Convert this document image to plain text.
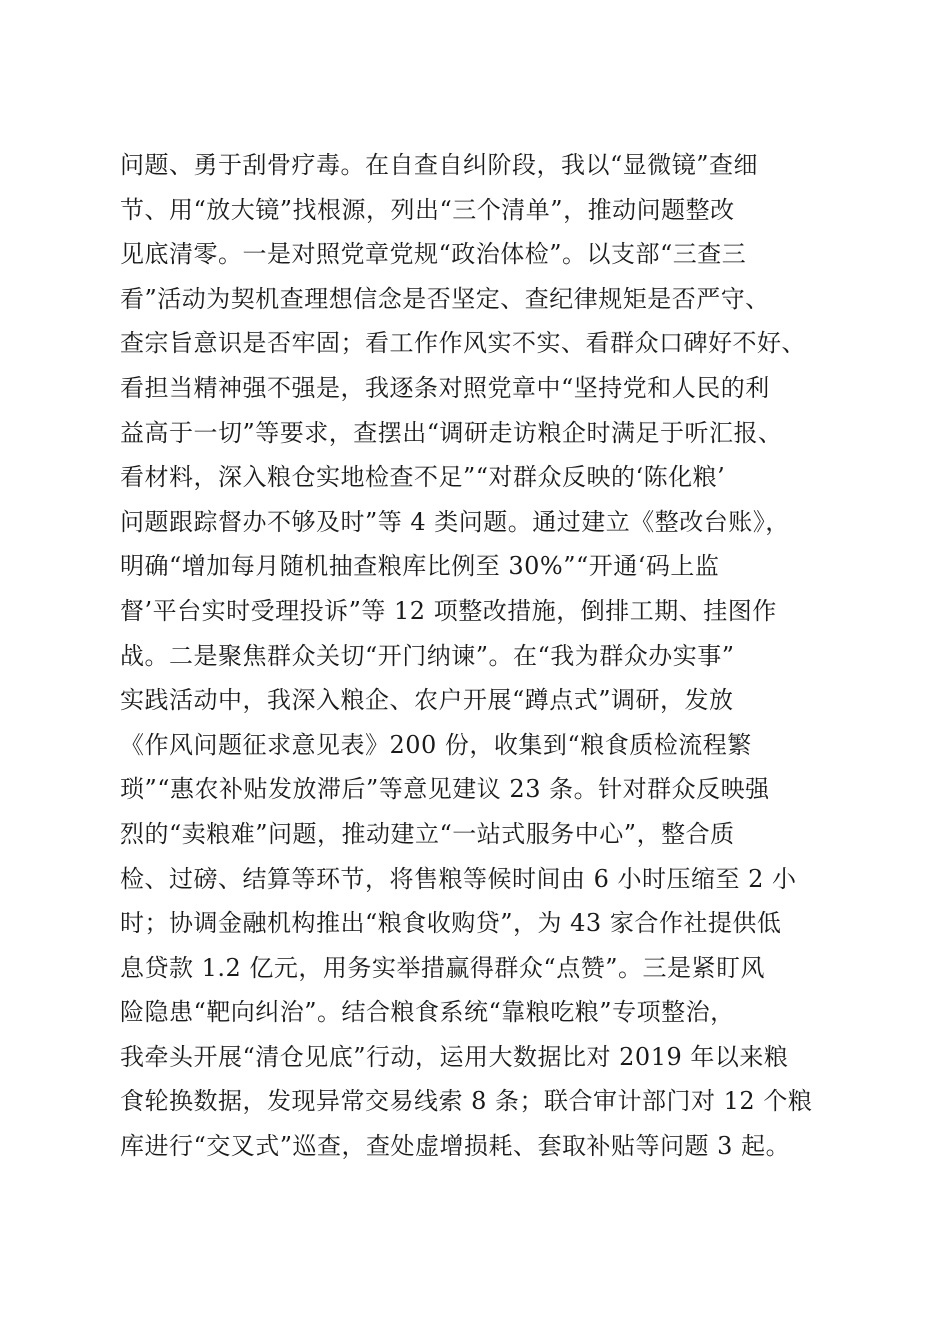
问题、勇于刮骨疗毒。在自查自纠阶段，我以“显微镜”查细
节、用“放大镜”找根源，列出“三个清单”，推动问题整改
见底清零。一是对照党章党规“政治体检”。以支部“三查三
看”活动为契机查理想信念是否坚定、查纪律规矩是否严守、
查宗旨意识是否牢固；看工作作风实不实、看群众口碑好不好、
看担当精神强不强是，我逐条对照党章中“坚持党和人民的利
益高于一切”等要求，查摆出“调研走访粮企时满足于听汇报、
看材料，深入粮仓实地检查不足”“对群众反映的‘陈化粮’
问题跟踪督办不够及时”等 4 类问题。通过建立《整改台账》，
明确“增加每月随机抽查粮库比例至 30%”“开通‘码上监
督’平台实时受理投诉”等 12 项整改措施，倒排工期、挂图作
战。二是聚焦群众关切“开门纳谏”。在“我为群众办实事”
实践活动中，我深入粮企、农户开展“蹲点式”调研，发放
《作风问题征求意见表》200 份，收集到“粮食质检流程繁
琐”“惠农补贴发放滞后”等意见建议 23 条。针对群众反映强
烈的“卖粮难”问题，推动建立“一站式服务中心”，整合质
检、过磅、结算等环节，将售粮等候时间由 6 小时压缩至 2 小
时；协调金融机构推出“粮食收购贷”，为 43 家合作社提供低
息贷款 1.2 亿元，用务实举措赢得群众“点赞”。三是紧盯风
险隐患“靶向纠治”。结合粮食系统“靠粮吃粮”专项整治，
我牵头开展“清仓见底”行动，运用大数据比对 2019 年以来粮
食轮换数据，发现异常交易线索 8 条；联合审计部门对 12 个粮
库进行“交叉式”巡查，查处虚增损耗、套取补贴等问题 3 起。
